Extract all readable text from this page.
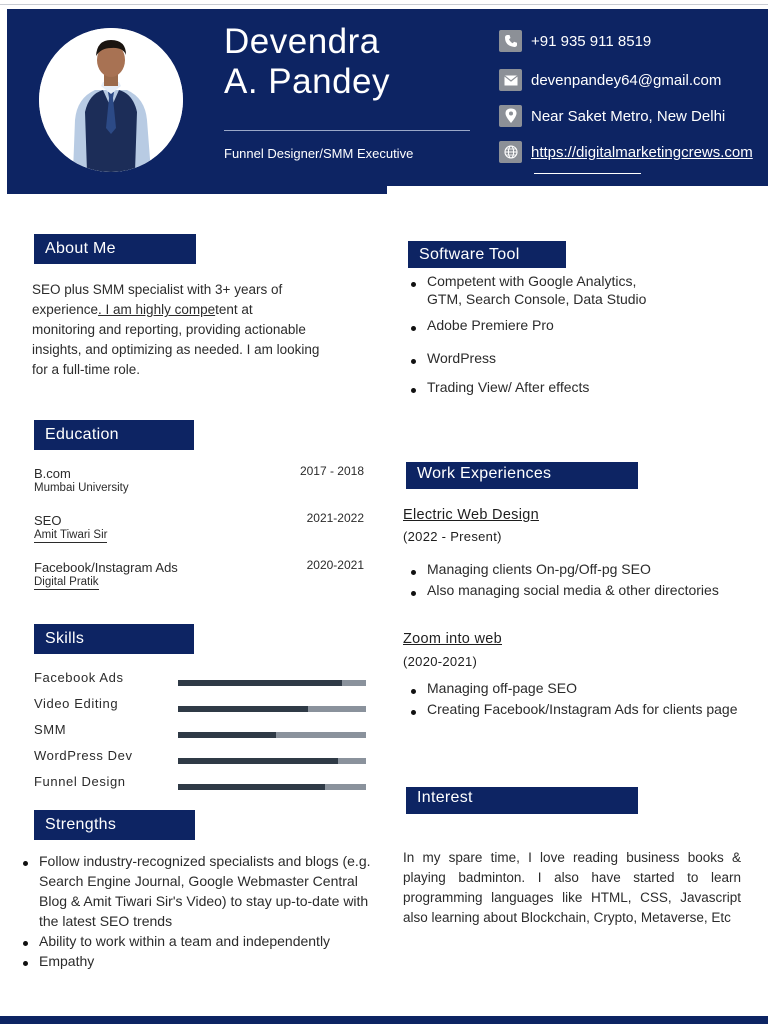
Devendra
A. Pandey
Funnel Designer/SMM Executive
+91 935 911 8519
devenpandey64@gmail.com
Near Saket Metro, New Delhi
https://digitalmarketingcrews.com
About Me
SEO plus SMM specialist with 3+ years of
experience. I am highly competent at
monitoring and reporting, providing actionable
insights, and optimizing as needed. I am looking
for a full-time role.
Education
B.com	2017 - 2018
Mumbai University
SEO	2021-2022
Amit Tiwari Sir
Facebook/Instagram Ads	2020-2021
Digital Pratik
Skills
Facebook Ads
Video Editing
SMM
WordPress Dev
Funnel Design
Strengths
Follow industry-recognized specialists and blogs (e.g. Search Engine Journal, Google Webmaster Central Blog & Amit Tiwari Sir's Video) to stay up-to-date with the latest SEO trends
Ability to work within a team and independently
Empathy
Software Tool
Competent with Google Analytics, GTM, Search Console, Data Studio
Adobe Premiere Pro
WordPress
Trading View/ After effects
Work Experiences
Electric Web Design
(2022 - Present)
Managing clients On-pg/Off-pg SEO
Also managing social media & other directories
Zoom into web
(2020-2021)
Managing off-page SEO
Creating Facebook/Instagram Ads for clients page
Interest
In my spare time, I love reading business books & playing badminton. I also have started to learn programming languages like HTML, CSS, Javascript also learning about Blockchain, Crypto, Metaverse, Etc
